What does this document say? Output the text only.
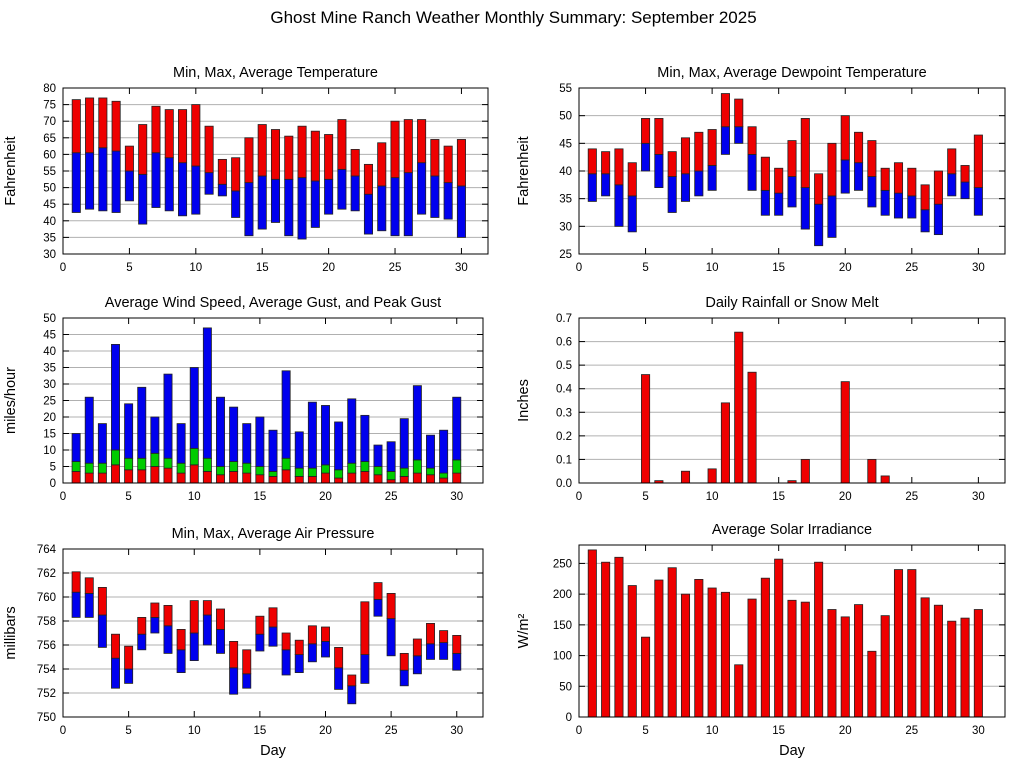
Ghost Mine Ranch Weather Monthly Summary: September 2025
30
35
40
45
50
55
60
65
70
75
80
0	5	10	15	20	25	30
Min, Max, Average Temperature
Fahrenheit
25
30
35
40
45
50
55
0	5	10	15	20	25	30
Min, Max, Average Dewpoint Temperature
Fahrenheit
0
5
10
15
20
25
30
35
40
45
50
0	5	10	15	20	25	30
Average Wind Speed, Average Gust, and Peak Gust
miles/hour
0.0
0.1
0.2
0.3
0.4
0.5
0.6
0.7
0	5	10	15	20	25	30
Daily Rainfall or Snow Melt
Inches
750
752
754
756
758
760
762
764
0	5	10	15	20	25	30
Min, Max, Average Air Pressure
millibars
Day
0
50
100
150
200
250
0	5	10	15	20	25	30
Average Solar Irradiance
W/m²
Day
